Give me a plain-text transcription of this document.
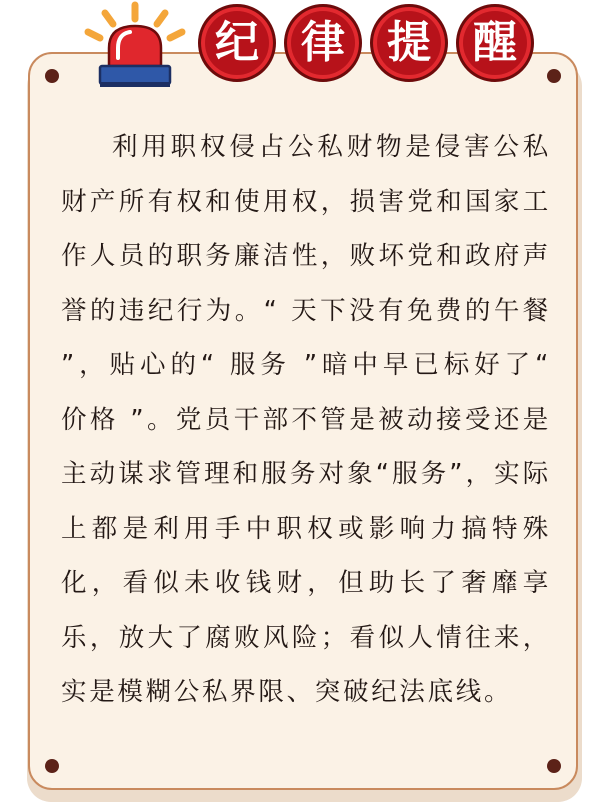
纪 律 提 醒

利用职权侵占公私财物是侵害公私财产所有权和使用权，损害党和国家工作人员的职务廉洁性，败坏党和政府声誉的违纪行为。“ 天下没有免费的午餐 ”，贴心的“ 服务 ”暗中早已标好了“ 价格 ”。党员干部不管是被动接受还是主动谋求管理和服务对象“服务”，实际上都是利用手中职权或影响力搞特殊化，看似未收钱财，但助长了奢靡享乐，放大了腐败风险；看似人情往来，实是模糊公私界限、突破纪法底线。
